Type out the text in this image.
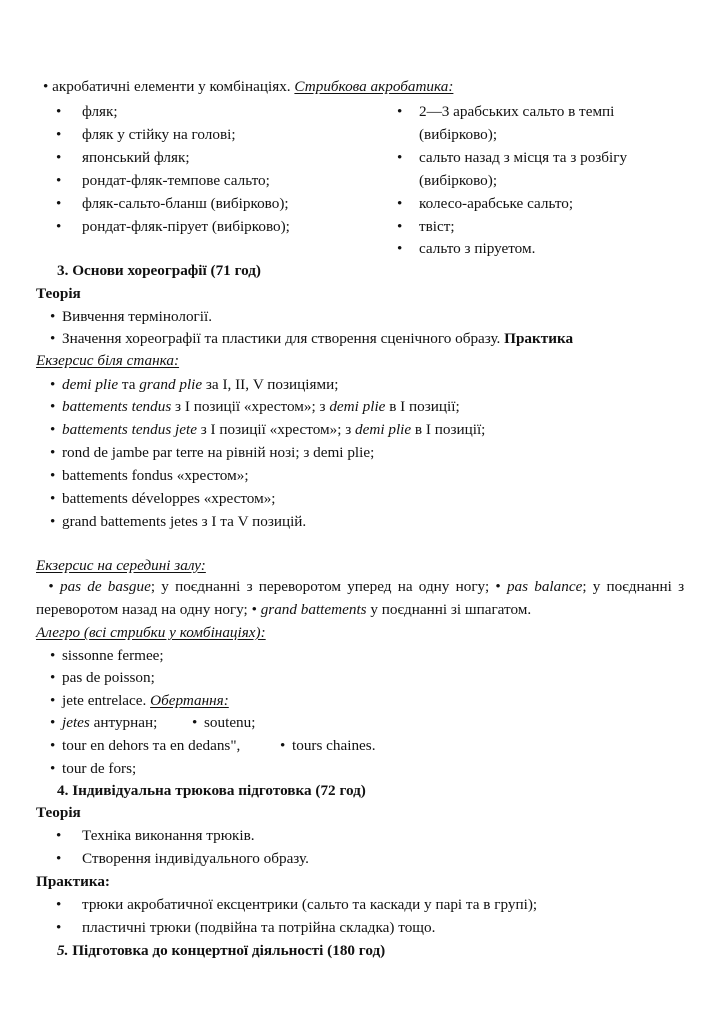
• акробатичні елементи у комбінаціях. Стрибкова акробатика:
• фляк;
• фляк у стійку на голові;
• японський фляк;
• рондат-фляк-темпове сальто;
• фляк-сальто-бланш (вибірково);
• рондат-фляк-пірует (вибірково);
• 2—3 арабських сальто в темпі
(вибірково);
• сальто назад з місця та з розбігу
(вибірково);
• колесо-арабське сальто;
• твіст;
• сальто з піруетом.
3. Основи хореографії (71 год)
Теорія
• Вивчення термінології.
• Значення хореографії та пластики для створення сценічного образу. Практика
Екзерсис біля станка:
• demi plie та grand plie за І, ІІ, V позиціями;
• battements tendus з І позиції «хрестом»; з demi plie в І позиції;
• battements tendus jete з І позиції «хрестом»; з demi plie в І позиції;
• rond de jambe par terre на рівній нозі; з demi plie;
• battements fondus «хрестом»;
• battements développes «хрестом»;
• grand battements jetes з І та V позицій.
Екзерсис на середині залу:
• pas de basgue; у поєднанні з переворотом уперед на одну ногу; • pas balance; у поєднанні з переворотом назад на одну ногу; • grand battements у поєднанні зі шпагатом.
Алегро (всі стрибки у комбінаціях):
• sissonne fermee;
• pas de poisson;
• jete entrelace. Обертання:
• jetes антурнан; • soutenu;
• tour en dehors та en dedans",	• tours chaines.
• tour de fors;
4. Індивідуальна трюкова підготовка (72 год)
Теорія
• Техніка виконання трюків.
• Створення індивідуального образу.
Практика:
• трюки акробатичної ексцентрики (сальто та каскади у парі та в групі);
• пластичні трюки (подвійна та потрійна складка) тощо.
5. Підготовка до концертної діяльності (180 год)
